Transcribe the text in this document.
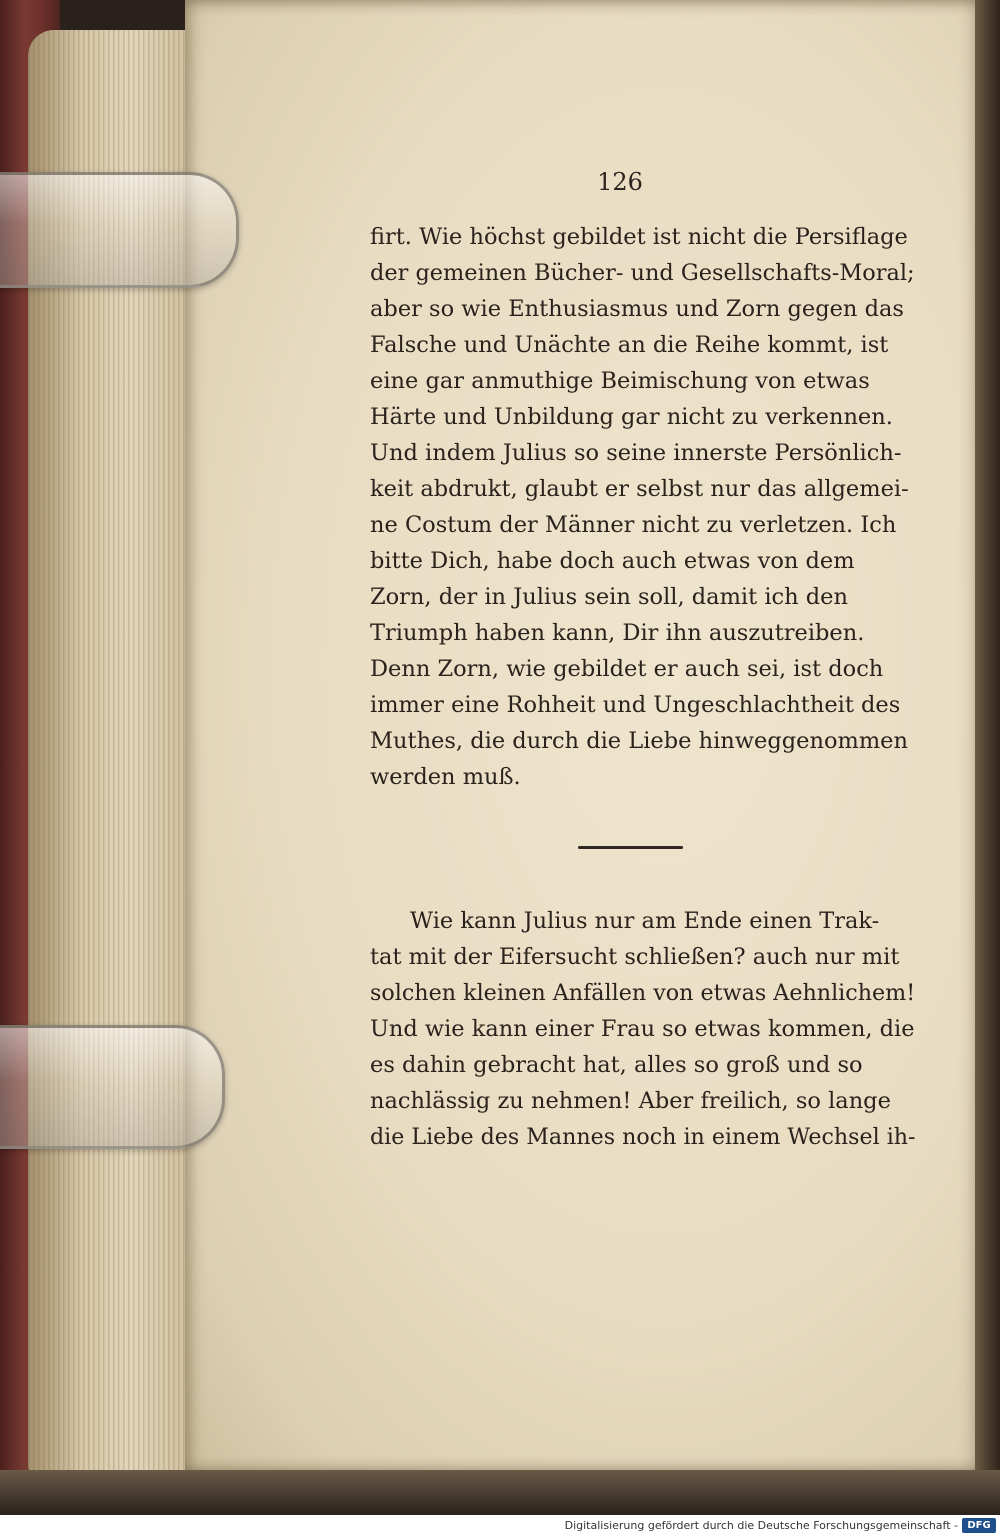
126
firt. Wie höchst gebildet ist nicht die Persiflage
der gemeinen Bücher- und Gesellschafts-Moral;
aber so wie Enthusiasmus und Zorn gegen das
Falsche und Unächte an die Reihe kommt, ist
eine gar anmuthige Beimischung von etwas
Härte und Unbildung gar nicht zu verkennen.
Und indem Julius so seine innerste Persönlich-
keit abdrukt, glaubt er selbst nur das allgemei-
ne Costum der Männer nicht zu verletzen. Ich
bitte Dich, habe doch auch etwas von dem
Zorn, der in Julius sein soll, damit ich den
Triumph haben kann, Dir ihn auszutreiben.
Denn Zorn, wie gebildet er auch sei, ist doch
immer eine Rohheit und Ungeschlachtheit des
Muthes, die durch die Liebe hinweggenommen
werden muß.
Wie kann Julius nur am Ende einen Trak-
tat mit der Eifersucht schließen? auch nur mit
solchen kleinen Anfällen von etwas Aehnlichem!
Und wie kann einer Frau so etwas kommen, die
es dahin gebracht hat, alles so groß und so
nachlässig zu nehmen! Aber freilich, so lange
die Liebe des Mannes noch in einem Wechsel ih-
Digitalisierung gefördert durch die Deutsche Forschungsgemeinschaft - DFG
